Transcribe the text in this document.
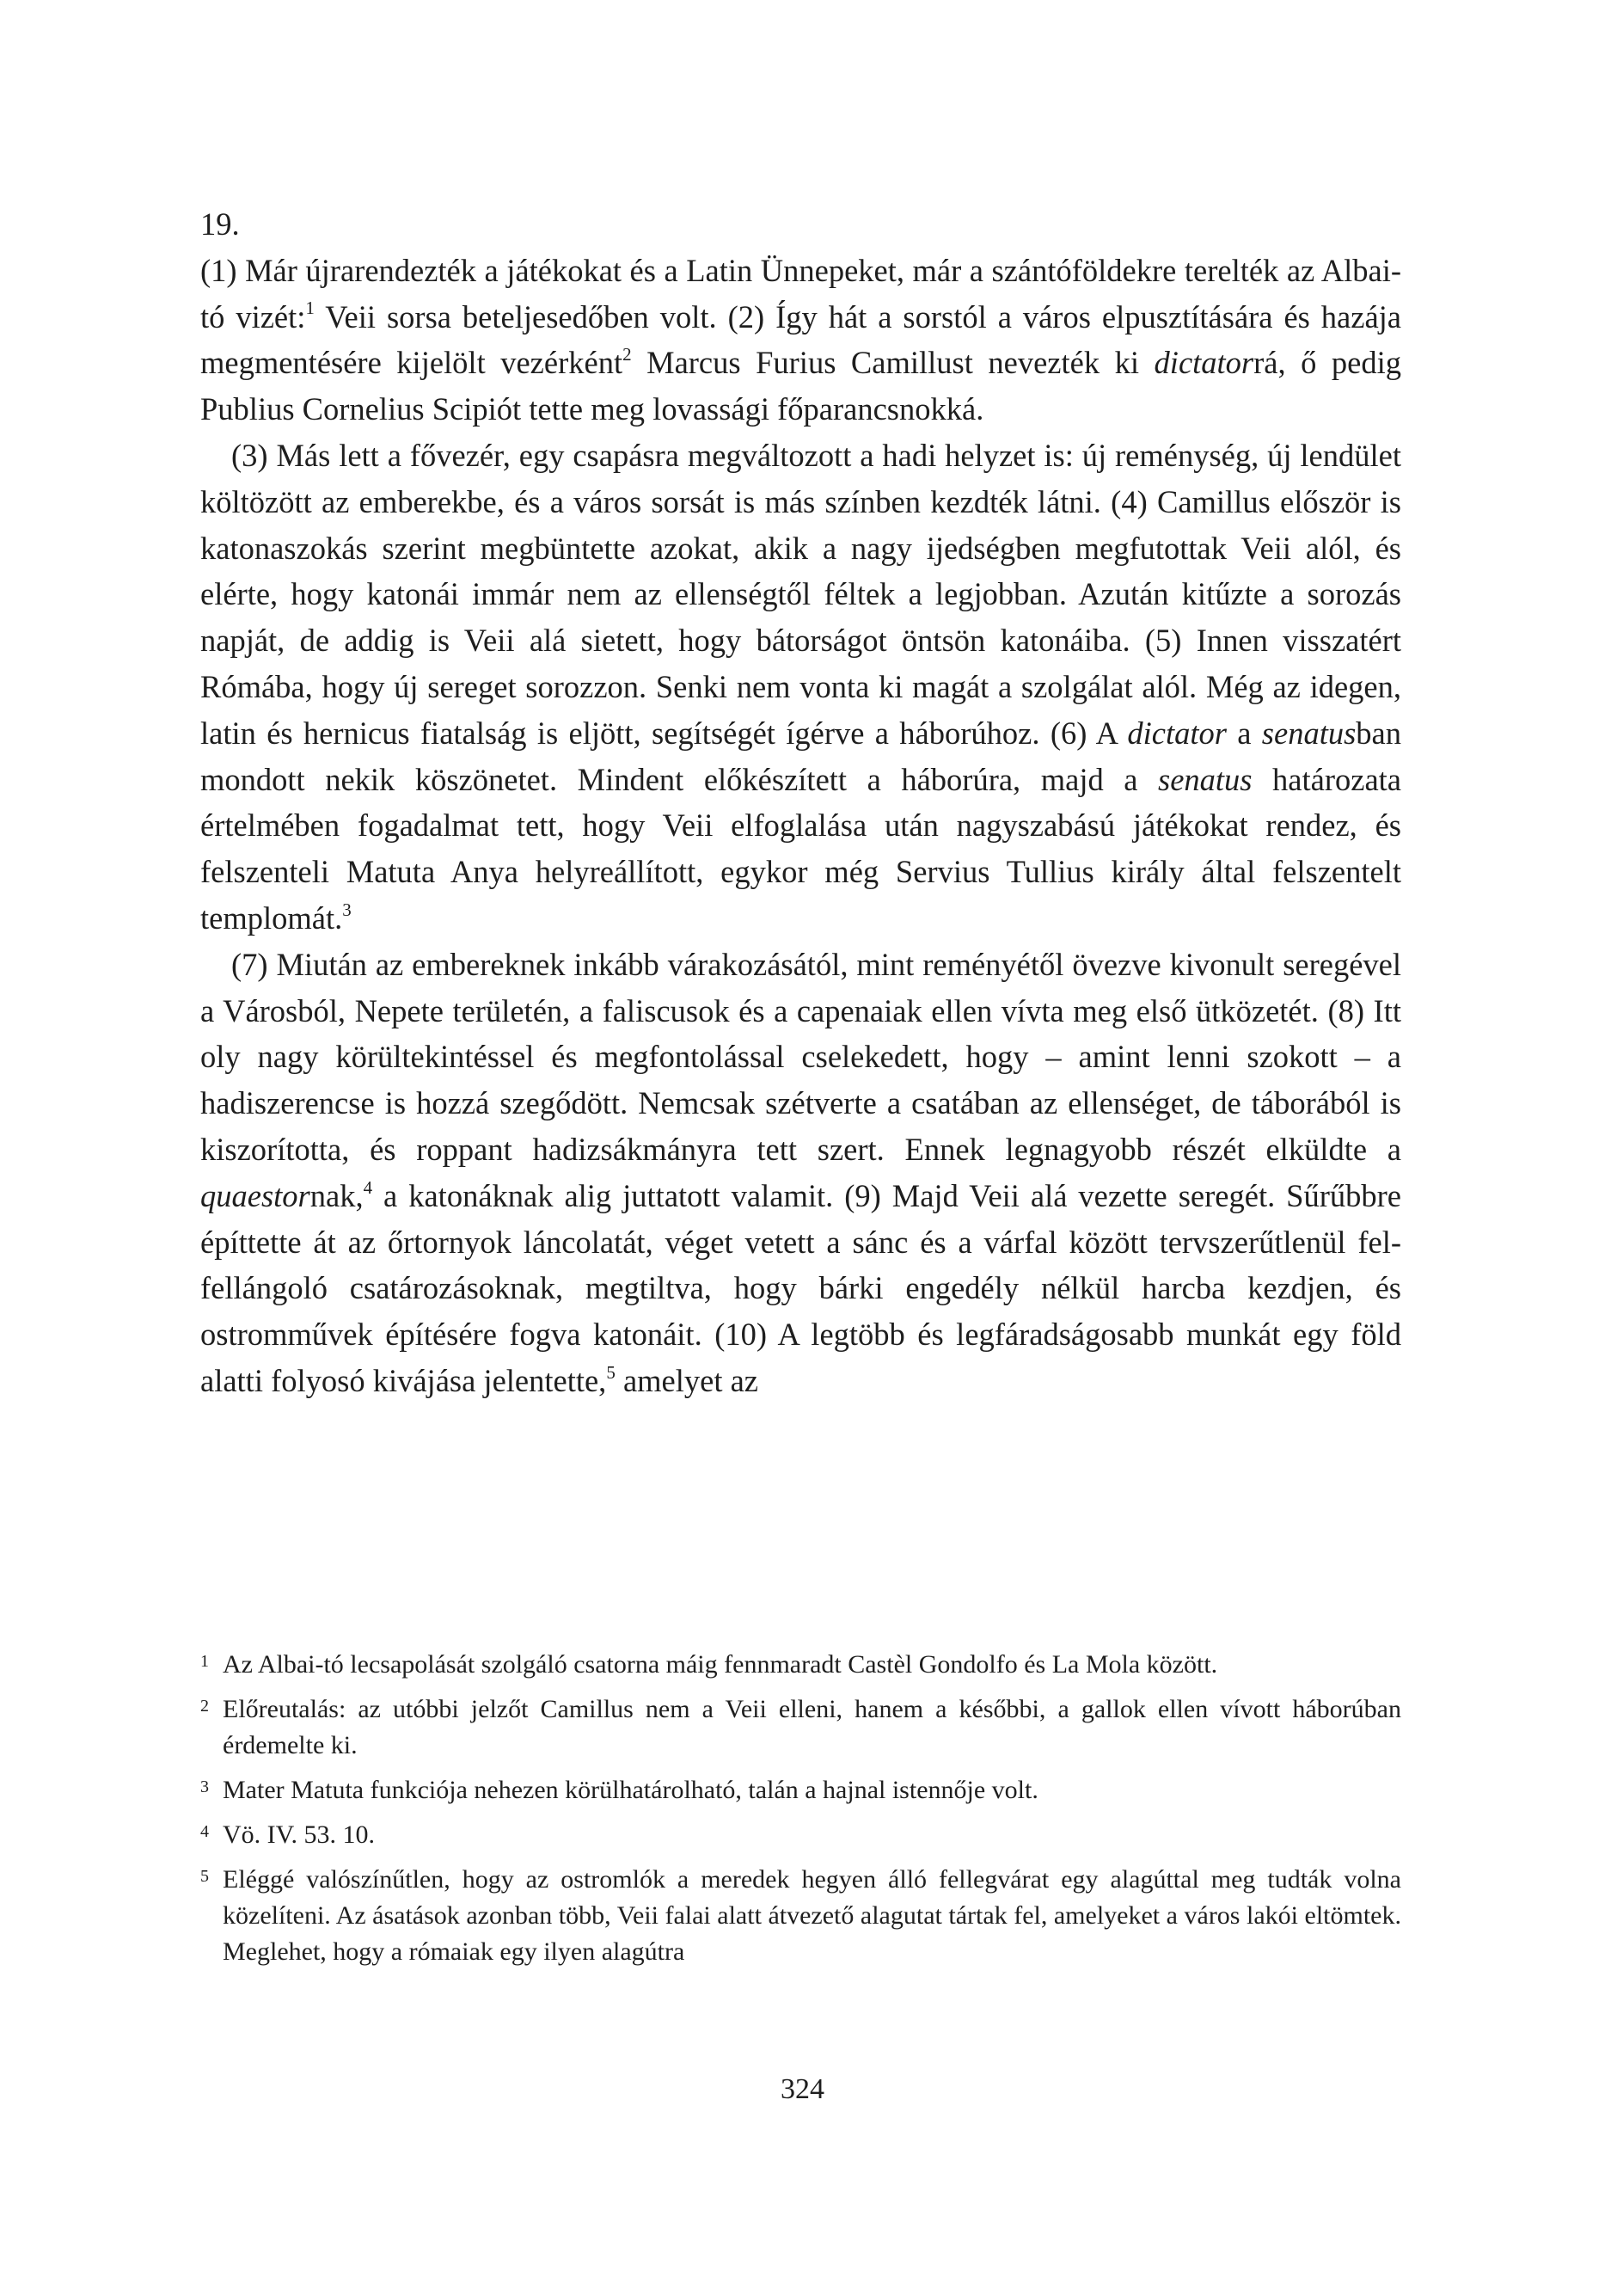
19.

(1) Már újrarendezték a játékokat és a Latin Ünnepeket, már a szántóföldekre terelték az Albai-tó vizét:$^1$ Veii sorsa beteljesedőben volt. (2) Így hát a sorstól a város elpusztítására és hazája megmentésére kijelölt vezérként$^2$ Marcus Furius Camillust nevezték ki dictatorrá, ő pedig Publius Cornelius Scipiót tette meg lovassági főparancsnokká.

(3) Más lett a fővezér, egy csapásra megváltozott a hadi helyzet is: új reménység, új lendület költözött az emberekbe, és a város sorsát is más színben kezdték látni. (4) Camillus először is katonaszokás szerint megbüntette azokat, akik a nagy ijedségben megfutottak Veii alól, és elérte, hogy katonái immár nem az ellenségtől féltek a legjobban. Azután kitűzte a sorozás napját, de addig is Veii alá sietett, hogy bátorságot öntsön katonáiba. (5) Innen visszatért Rómába, hogy új sereget sorozzon. Senki nem vonta ki magát a szolgálat alól. Még az idegen, latin és hernicus fiatalság is eljött, segítségét ígérve a háborúhoz. (6) A dictator a senatusban mondott nekik köszönetet. Mindent előkészített a háborúra, majd a senatus határozata értelmében fogadalmat tett, hogy Veii elfoglalása után nagyszabású játékokat rendez, és felszenteli Matuta Anya helyreállított, egykor még Servius Tullius király által felszentelt templomát.$^3$

(7) Miután az embereknek inkább várakozásától, mint reményétől övezve kivonult seregével a Városból, Nepete területén, a faliscusok és a capenaiak ellen vívta meg első ütközetét. (8) Itt oly nagy körültekintéssel és megfontolással cselekedett, hogy – amint lenni szokott – a hadiszerencse is hozzá szegődött. Nemcsak szétverte a csatában az ellenséget, de táborából is kiszorította, és roppant hadizsákmányra tett szert. Ennek legnagyobb részét elküldte a quaestornak,$^4$ a katonáknak alig juttatott valamit. (9) Majd Veii alá vezette seregét. Sűrűbbre építtette át az őrtornyok láncolatát, véget vetett a sánc és a várfal között tervszerűtlenül fel-fellángoló csatározásoknak, megtiltva, hogy bárki engedély nélkül harcba kezdjen, és ostromművek építésére fogva katonáit. (10) A legtöbb és legfáradságosabb munkát egy föld alatti folyosó kivájása jelentette,$^5$ amelyet az

1 Az Albai-tó lecsapolását szolgáló csatorna máig fennmaradt Castèl Gondolfo és La Mola között.
2 Előreutalás: az utóbbi jelzőt Camillus nem a Veii elleni, hanem a későbbi, a gallok ellen vívott háborúban érdemelte ki.
3 Mater Matuta funkciója nehezen körülhatárolható, talán a hajnal istennője volt.
4 Vö. IV. 53. 10.
5 Eléggé valószínűtlen, hogy az ostromlók a meredek hegyen álló fellegvárat egy alagúttal meg tudták volna közelíteni. Az ásatások azonban több, Veii falai alatt átvezető alagutat tártak fel, amelyeket a város lakói eltömtek. Meglehet, hogy a rómaiak egy ilyen alagútra
324
